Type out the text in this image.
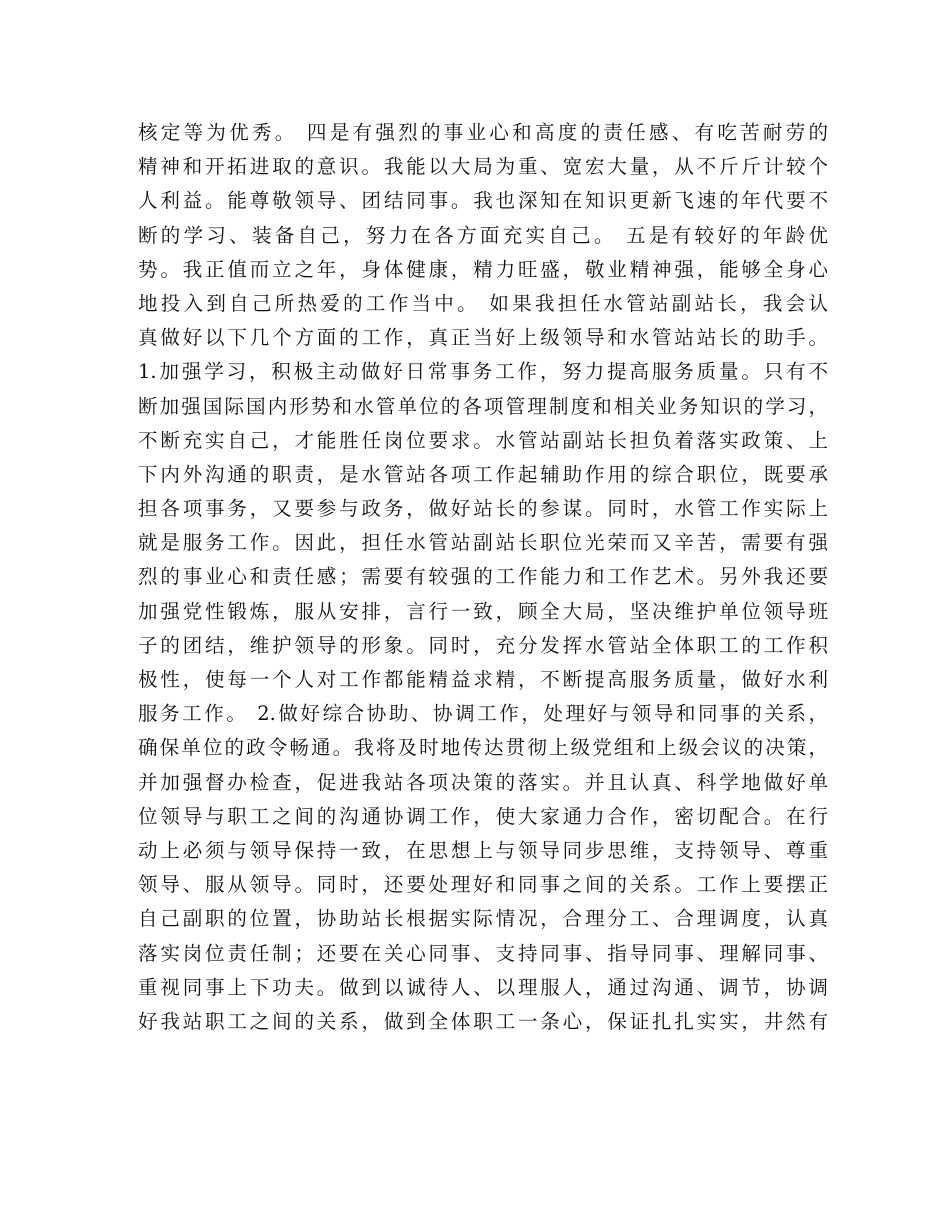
核定等为优秀。 四是有强烈的事业心和高度的责任感、有吃苦耐劳的
精神和开拓进取的意识。我能以大局为重、宽宏大量，从不斤斤计较个
人利益。能尊敬领导、团结同事。我也深知在知识更新飞速的年代要不
断的学习、装备自己，努力在各方面充实自己。 五是有较好的年龄优
势。我正值而立之年，身体健康，精力旺盛，敬业精神强，能够全身心
地投入到自己所热爱的工作当中。 如果我担任水管站副站长，我会认
真做好以下几个方面的工作，真正当好上级领导和水管站站长的助手。
1.加强学习，积极主动做好日常事务工作，努力提高服务质量。只有不
断加强国际国内形势和水管单位的各项管理制度和相关业务知识的学习，
不断充实自己，才能胜任岗位要求。水管站副站长担负着落实政策、上
下内外沟通的职责，是水管站各项工作起辅助作用的综合职位，既要承
担各项事务，又要参与政务，做好站长的参谋。同时，水管工作实际上
就是服务工作。因此，担任水管站副站长职位光荣而又辛苦，需要有强
烈的事业心和责任感；需要有较强的工作能力和工作艺术。另外我还要
加强党性锻炼，服从安排，言行一致，顾全大局，坚决维护单位领导班
子的团结，维护领导的形象。同时，充分发挥水管站全体职工的工作积
极性，使每一个人对工作都能精益求精，不断提高服务质量，做好水利
服务工作。 2.做好综合协助、协调工作，处理好与领导和同事的关系，
确保单位的政令畅通。我将及时地传达贯彻上级党组和上级会议的决策，
并加强督办检查，促进我站各项决策的落实。并且认真、科学地做好单
位领导与职工之间的沟通协调工作，使大家通力合作，密切配合。在行
动上必须与领导保持一致，在思想上与领导同步思维，支持领导、尊重
领导、服从领导。同时，还要处理好和同事之间的关系。工作上要摆正
自己副职的位置，协助站长根据实际情况，合理分工、合理调度，认真
落实岗位责任制；还要在关心同事、支持同事、指导同事、理解同事、
重视同事上下功夫。做到以诚待人、以理服人，通过沟通、调节，协调
好我站职工之间的关系，做到全体职工一条心，保证扎扎实实，井然有
